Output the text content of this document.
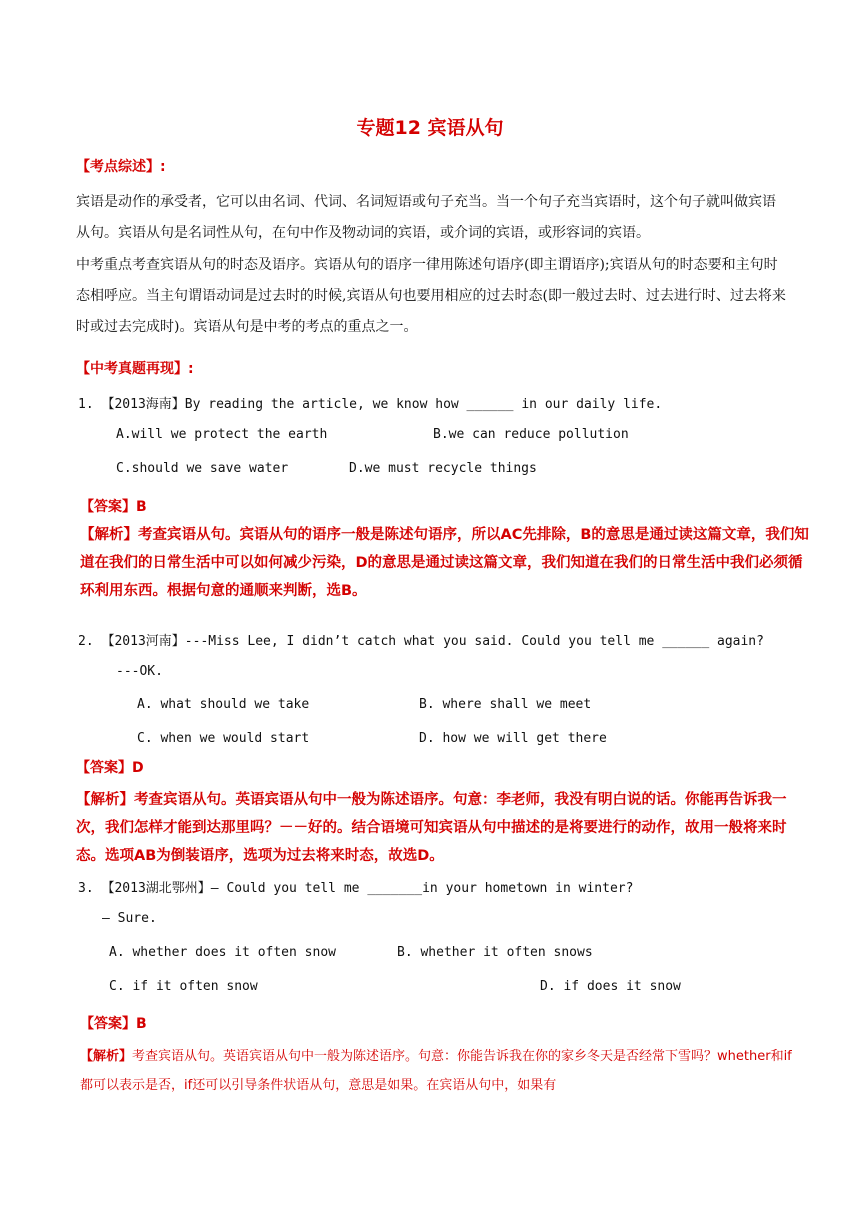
专题12 宾语从句
【考点综述】:
宾语是动作的承受者，它可以由名词、代词、名词短语或句子充当。当一个句子充当宾语时，这个句子就叫做宾语从句。宾语从句是名词性从句，在句中作及物动词的宾语，或介词的宾语，或形容词的宾语。
中考重点考查宾语从句的时态及语序。宾语从句的语序一律用陈述句语序(即主谓语序);宾语从句的时态要和主句时态相呼应。当主句谓语动词是过去时的时候,宾语从句也要用相应的过去时态(即一般过去时、过去进行时、过去将来时或过去完成时)。宾语从句是中考的考点的重点之一。
【中考真题再现】:
1. 【2013海南】By reading the article, we know how ______ in our daily life.
A.will we protect the earth	B.we can reduce pollution
C.should we save water	D.we must recycle things
【答案】B
【解析】考查宾语从句。宾语从句的语序一般是陈述句语序，所以AC先排除，B的意思是通过读这篇文章，我们知道在我们的日常生活中可以如何减少污染，D的意思是通过读这篇文章，我们知道在我们的日常生活中我们必须循环利用东西。根据句意的通顺来判断，选B。
2. 【2013河南】---Miss Lee, I didn’t catch what you said. Could you tell me ______ again?
---OK.
A. what should we take	B. where shall we meet
C. when we would start	D. how we will get there
【答案】D
【解析】考查宾语从句。英语宾语从句中一般为陈述语序。句意：李老师，我没有明白说的话。你能再告诉我一次，我们怎样才能到达那里吗？－－好的。结合语境可知宾语从句中描述的是将要进行的动作，故用一般将来时态。选项AB为倒装语序，选项为过去将来时态，故选D。
3. 【2013湖北鄂州】— Could you tell me _______in your hometown in winter?
— Sure.
A. whether does it often snow	B. whether it often snows
C. if it often snow	D. if does it snow
【答案】B
【解析】考查宾语从句。英语宾语从句中一般为陈述语序。句意：你能告诉我在你的家乡冬天是否经常下雪吗？whether和if都可以表示是否，if还可以引导条件状语从句，意思是如果。在宾语从句中，如果有
